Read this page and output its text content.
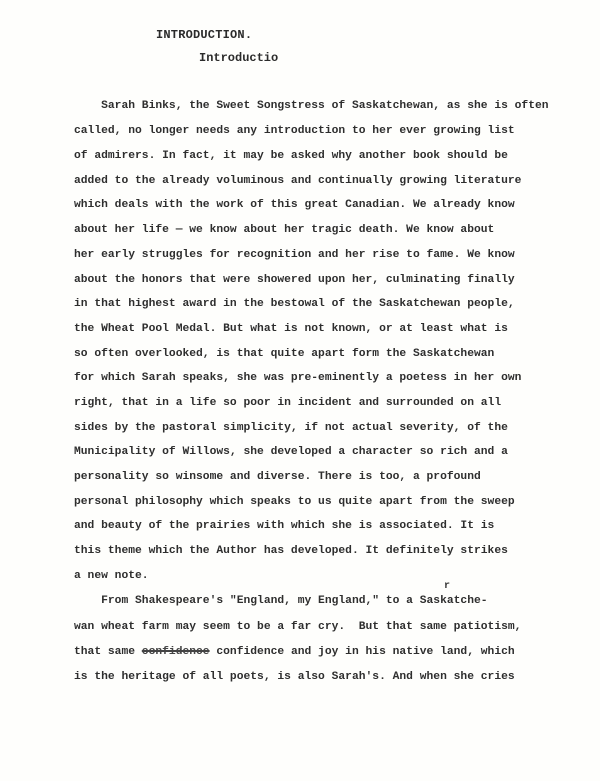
INTRODUCTION.
Introductio
Sarah Binks, the Sweet Songstress of Saskatchewan, as she is often
called, no longer needs any introduction to her ever growing list
of admirers. In fact, it may be asked why another book should be
added to the already voluminous and continually growing literature
which deals with the work of this great Canadian. We already know
about her life — we know about her tragic death. We know about
her early struggles for recognition and her rise to fame. We know
about the honors that were showered upon her, culminating finally
in that highest award in the bestowal of the Saskatchewan people,
the Wheat Pool Medal. But what is not known, or at least what is
so often overlooked, is that quite apart form the Saskatchewan
for which Sarah speaks, she was pre-eminently a poetess in her own
right, that in a life so poor in incident and surrounded on all
sides by the pastoral simplicity, if not actual severity, of the
Municipality of Willows, she developed a character so rich and a
personality so winsome and diverse. There is too, a profound
personal philosophy which speaks to us quite apart from the sweep
and beauty of the prairies with which she is associated. It is
this theme which the Author has developed. It definitely strikes
a new note.
r
From Shakespeare's "England, my England," to a Saskatche-
wan wheat farm may seem to be a far cry.  But that same patiotism,
that same confidence confidence and joy in his native land, which
is the heritage of all poets, is also Sarah's. And when she cries
